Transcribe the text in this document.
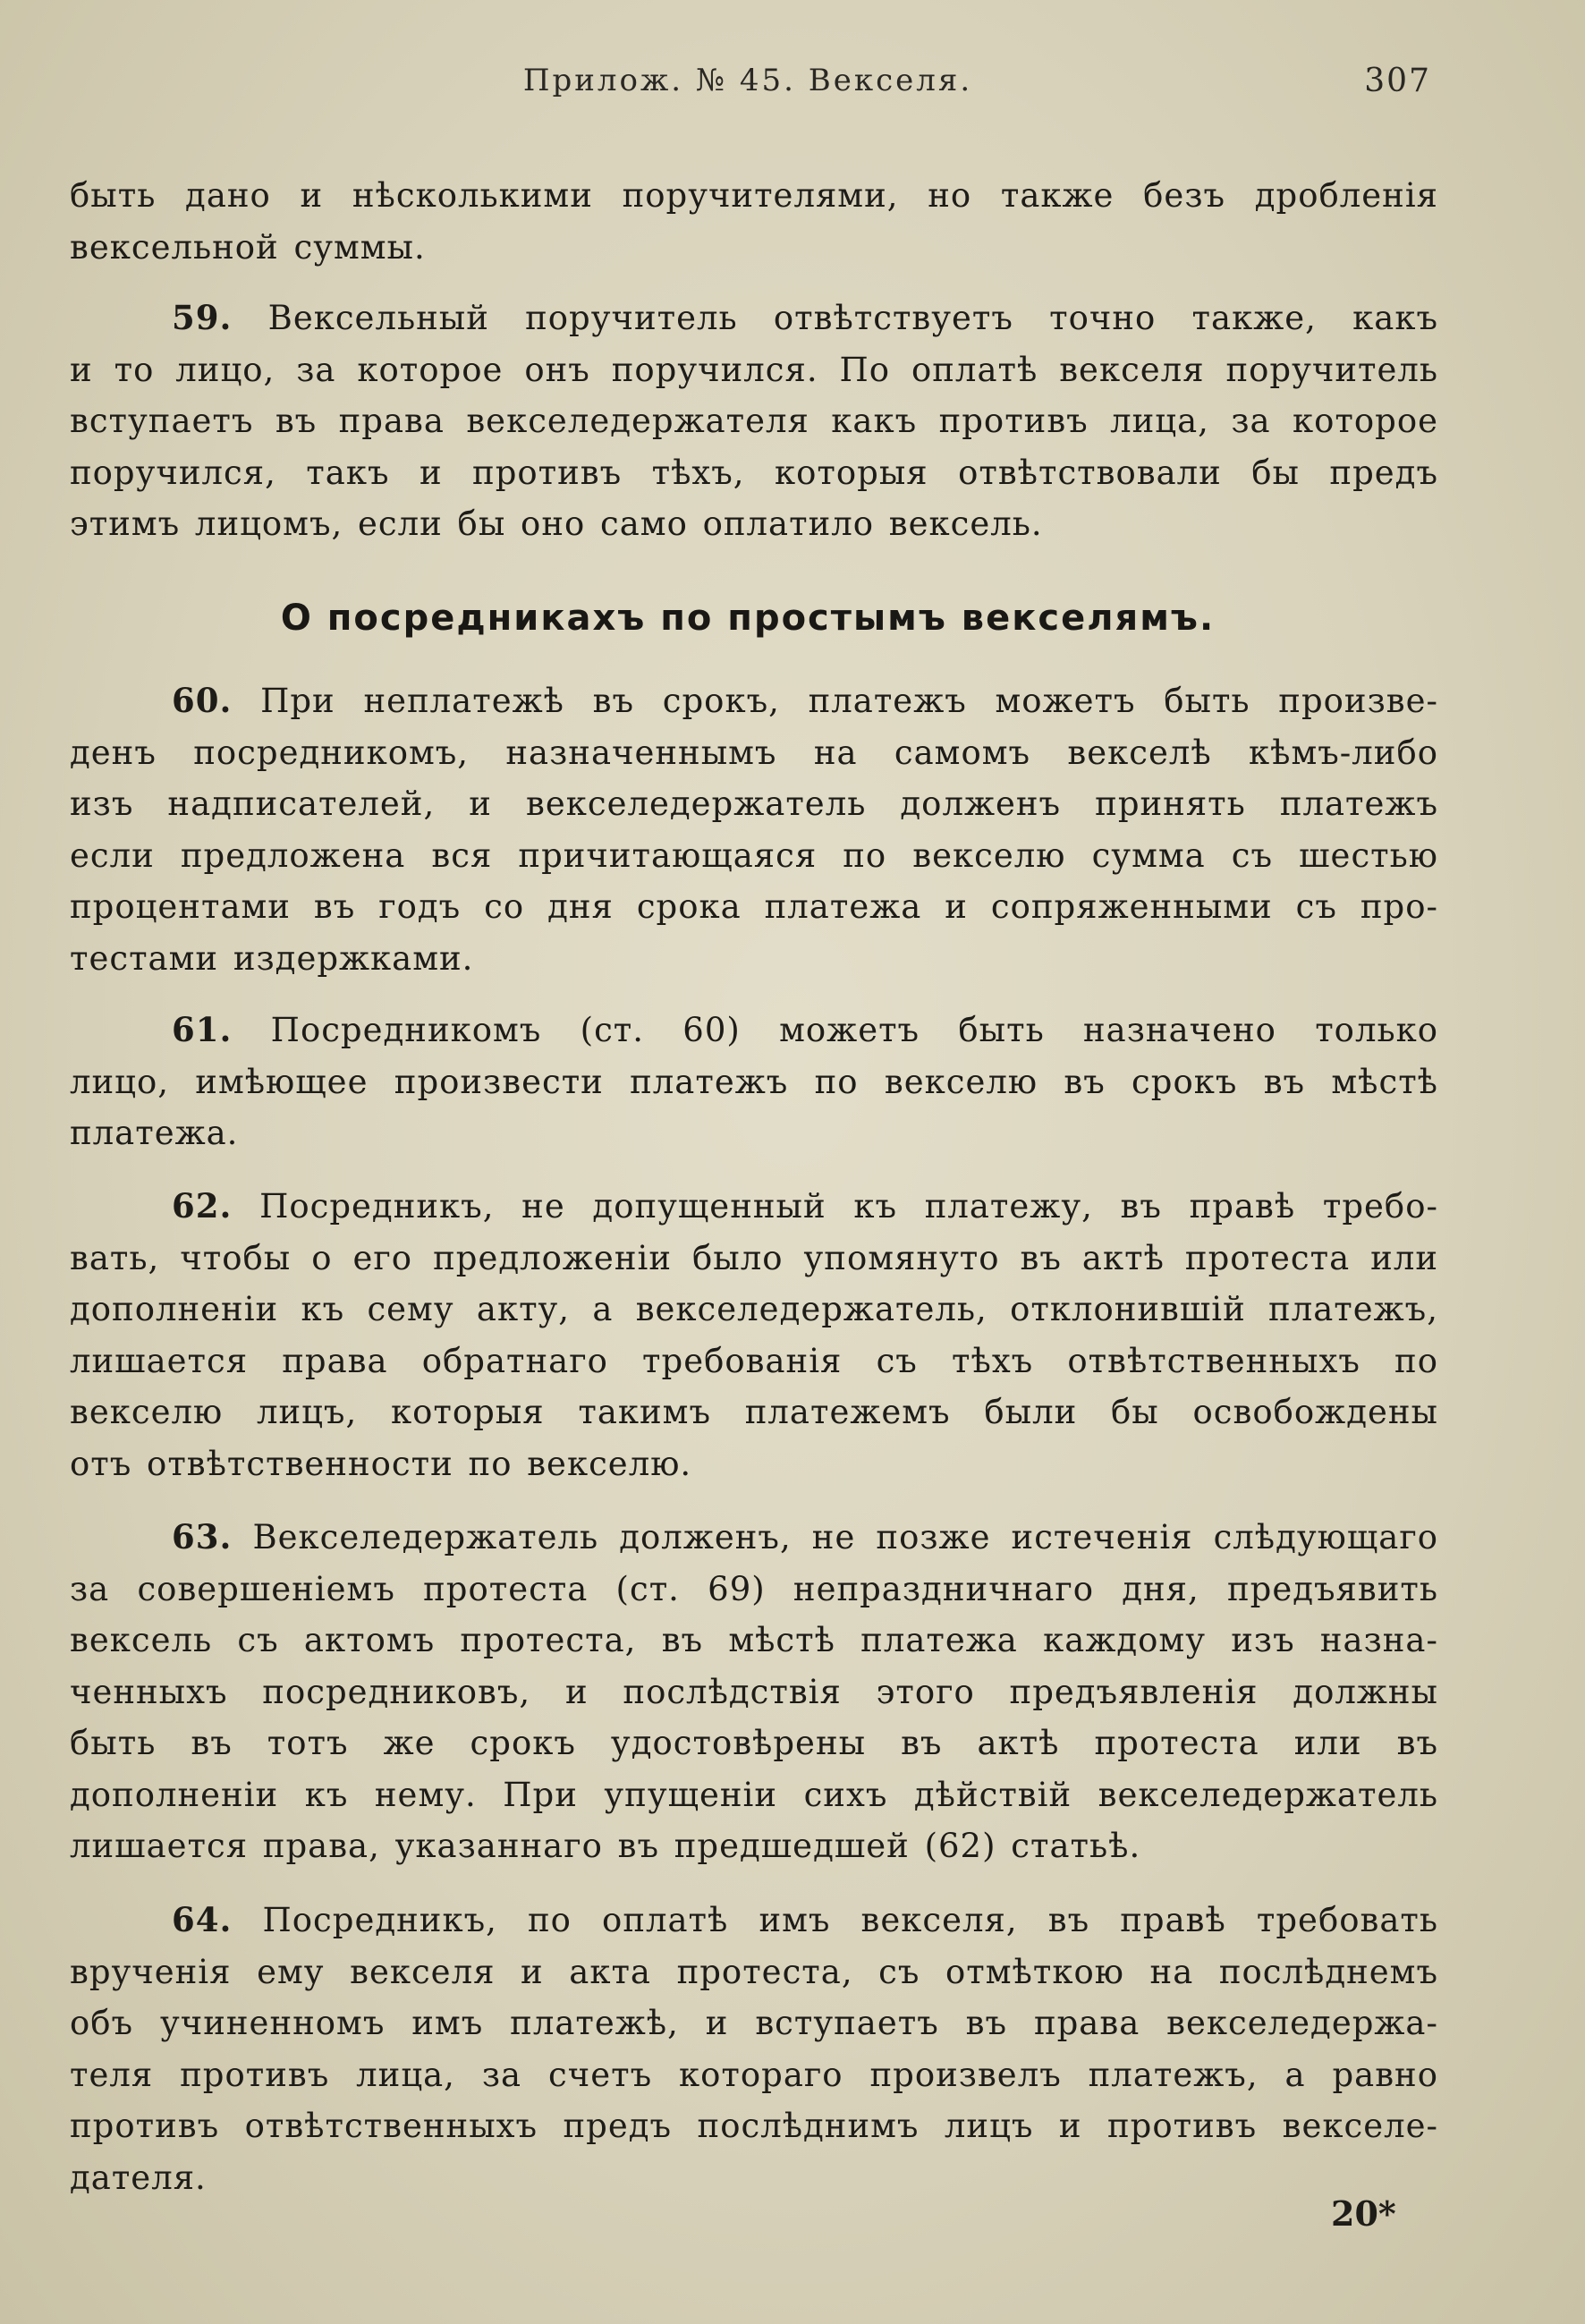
Прилож. № 45. Векселя.	307
быть дано и нѣсколькими поручителями, но также безъ дробленія
вексельной суммы.
59. Вексельный поручитель отвѣтствуетъ точно также, какъ
и то лицо, за которое онъ поручился. По оплатѣ векселя поручитель
вступаетъ въ права векселедержателя какъ противъ лица, за которое
поручился, такъ и противъ тѣхъ, которыя отвѣтствовали бы предъ
этимъ лицомъ, если бы оно само оплатило вексель.
О посредникахъ по простымъ векселямъ.
60. При неплатежѣ въ срокъ, платежъ можетъ быть произве-
денъ посредникомъ, назначеннымъ на самомъ векселѣ кѣмъ-либо
изъ надписателей, и векселедержатель долженъ принять платежъ
если предложена вся причитающаяся по векселю сумма съ шестью
процентами въ годъ со дня срока платежа и сопряженными съ про-
тестами издержками.
61. Посредникомъ (ст. 60) можетъ быть назначено только
лицо, имѣющее произвести платежъ по векселю въ срокъ въ мѣстѣ
платежа.
62. Посредникъ, не допущенный къ платежу, въ правѣ требо-
вать, чтобы о его предложеніи было упомянуто въ актѣ протеста или
дополненіи къ сему акту, а векселедержатель, отклонившій платежъ,
лишается права обратнаго требованія съ тѣхъ отвѣтственныхъ по
векселю лицъ, которыя такимъ платежемъ были бы освобождены
отъ отвѣтственности по векселю.
63. Векселедержатель долженъ, не позже истеченія слѣдующаго
за совершеніемъ протеста (ст. 69) непраздничнаго дня, предъявить
вексель съ актомъ протеста, въ мѣстѣ платежа каждому изъ назна-
ченныхъ посредниковъ, и послѣдствія этого предъявленія должны
быть въ тотъ же срокъ удостовѣрены въ актѣ протеста или въ
дополненіи къ нему. При упущеніи сихъ дѣйствій векселедержатель
лишается права, указаннаго въ предшедшей (62) статьѣ.
64. Посредникъ, по оплатѣ имъ векселя, въ правѣ требовать
врученія ему векселя и акта протеста, съ отмѣткою на послѣднемъ
объ учиненномъ имъ платежѣ, и вступаетъ въ права векселедержа-
теля противъ лица, за счетъ котораго произвелъ платежъ, а равно
противъ отвѣтственныхъ предъ послѣднимъ лицъ и противъ векселе-
дателя.
20*
